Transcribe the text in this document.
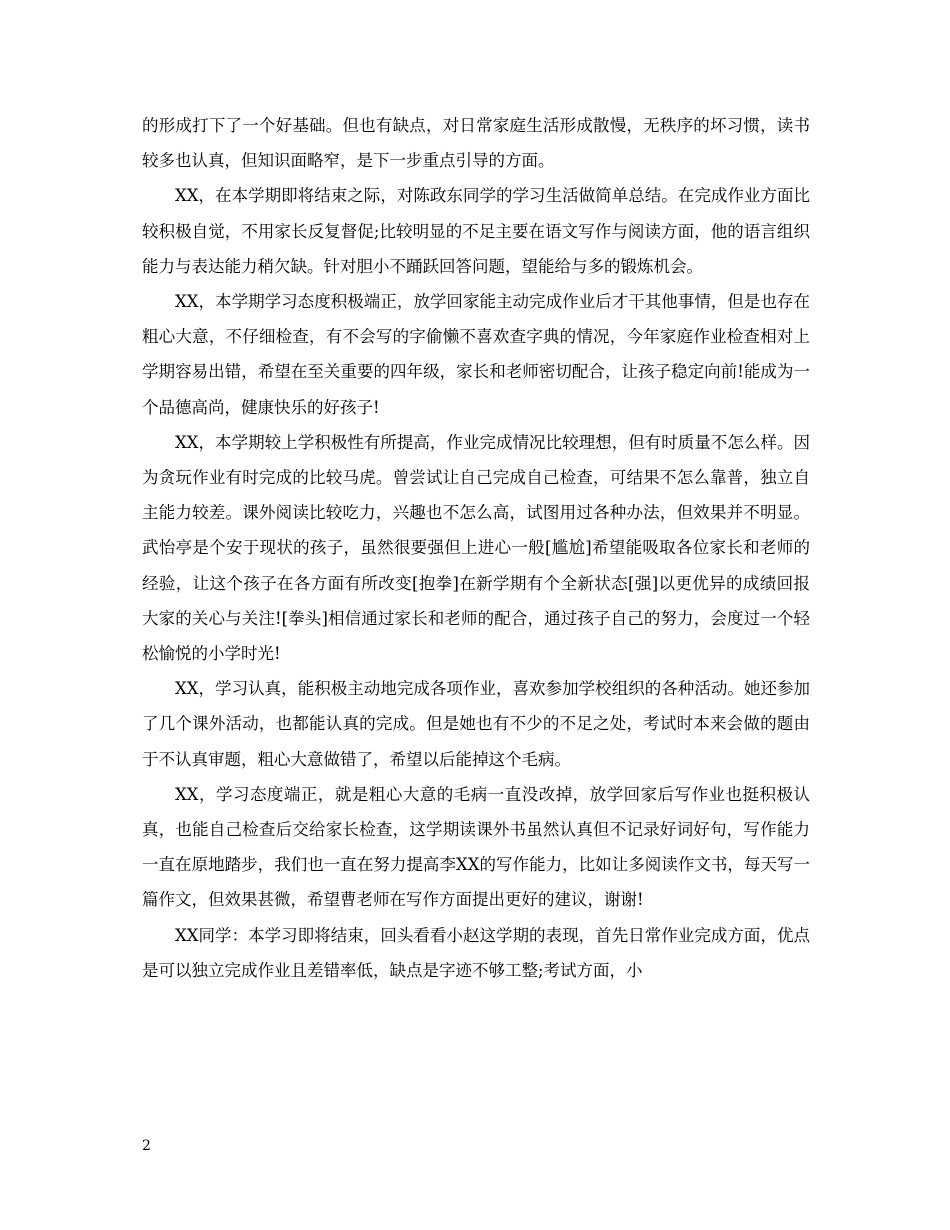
的形成打下了一个好基础。但也有缺点，对日常家庭生活形成散慢，无秩序的坏习惯，读书较多也认真，但知识面略窄，是下一步重点引导的方面。

XX，在本学期即将结束之际，对陈政东同学的学习生活做简单总结。在完成作业方面比较积极自觉，不用家长反复督促;比较明显的不足主要在语文写作与阅读方面，他的语言组织能力与表达能力稍欠缺。针对胆小不踊跃回答问题，望能给与多的锻炼机会。

XX，本学期学习态度积极端正，放学回家能主动完成作业后才干其他事情，但是也存在粗心大意，不仔细检查，有不会写的字偷懒不喜欢查字典的情况，今年家庭作业检查相对上学期容易出错，希望在至关重要的四年级，家长和老师密切配合，让孩子稳定向前!能成为一个品德高尚，健康快乐的好孩子!

XX，本学期较上学积极性有所提高，作业完成情况比较理想，但有时质量不怎么样。因为贪玩作业有时完成的比较马虎。曾尝试让自己完成自己检查，可结果不怎么靠普，独立自主能力较差。课外阅读比较吃力，兴趣也不怎么高，试图用过各种办法，但效果并不明显。武怡亭是个安于现状的孩子，虽然很要强但上进心一般[尴尬]希望能吸取各位家长和老师的经验，让这个孩子在各方面有所改变[抱拳]在新学期有个全新状态[强]以更优异的成绩回报大家的关心与关注![拳头]相信通过家长和老师的配合，通过孩子自己的努力，会度过一个轻松愉悦的小学时光!

XX，学习认真，能积极主动地完成各项作业，喜欢参加学校组织的各种活动。她还参加了几个课外活动，也都能认真的完成。但是她也有不少的不足之处，考试时本来会做的题由于不认真审题，粗心大意做错了，希望以后能掉这个毛病。

XX，学习态度端正，就是粗心大意的毛病一直没改掉，放学回家后写作业也挺积极认真，也能自己检查后交给家长检查，这学期读课外书虽然认真但不记录好词好句，写作能力一直在原地踏步，我们也一直在努力提高李XX的写作能力，比如让多阅读作文书，每天写一篇作文，但效果甚微，希望曹老师在写作方面提出更好的建议，谢谢!

XX同学：本学习即将结束，回头看看小赵这学期的表现，首先日常作业完成方面，优点是可以独立完成作业且差错率低，缺点是字迹不够工整;考试方面，小

2
